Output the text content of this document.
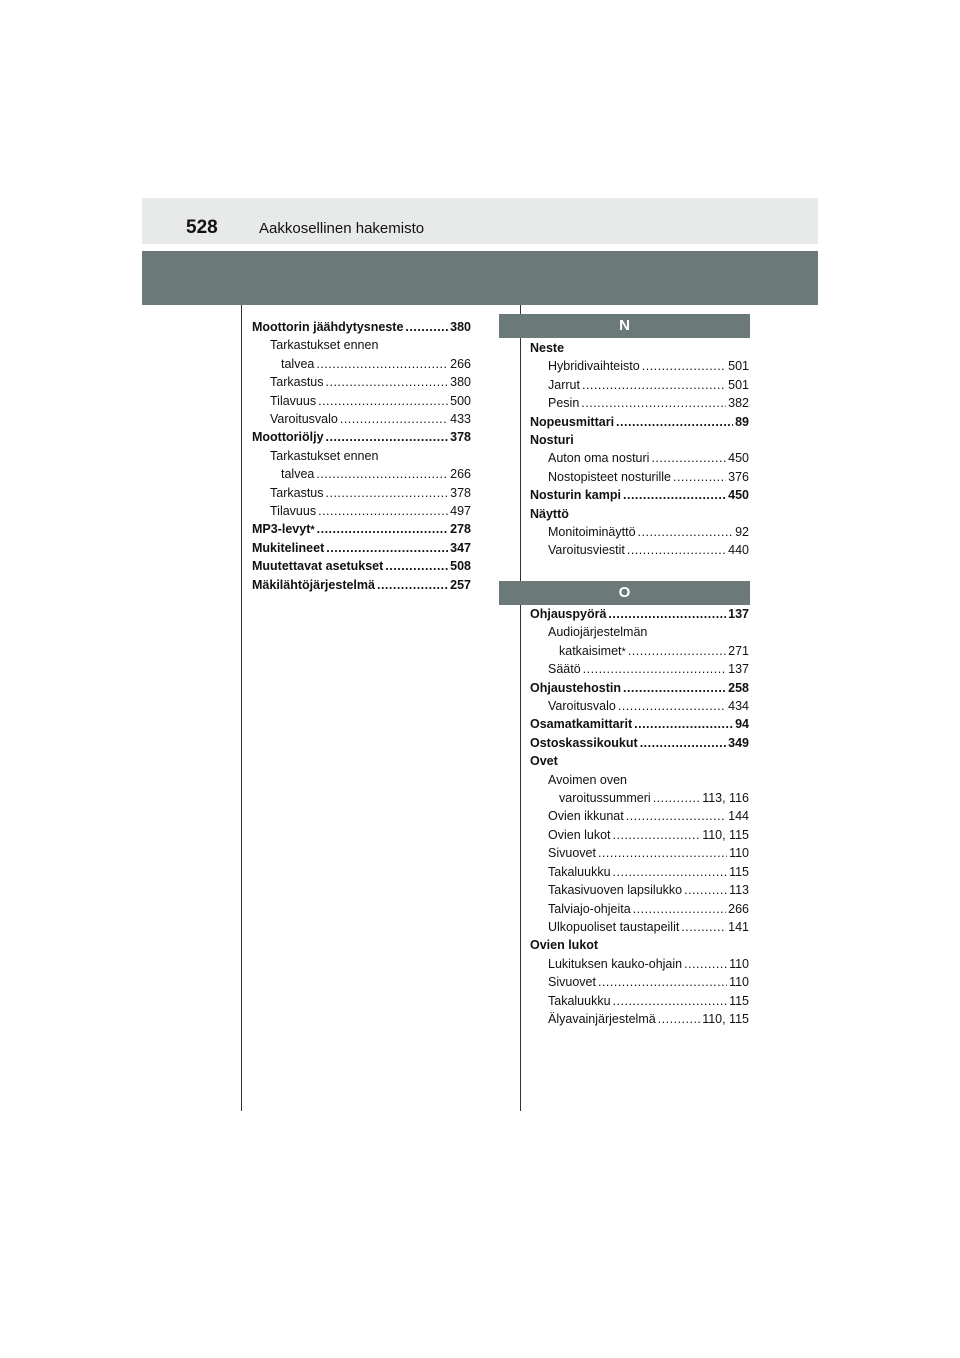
528	Aakkosellinen hakemisto
Moottorin jäähdytysneste .....	380
Tarkastukset ennen
talvea .....	266
Tarkastus .....	380
Tilavuus .....	500
Varoitusvalo .....	433
Moottoriöljy .....	378
Tarkastukset ennen
talvea .....	266
Tarkastus .....	378
Tilavuus .....	497
MP3-levyt * .....	278
Mukitelineet .....	347
Muutettavat asetukset .....	508
Mäkilähtöjärjestelmä .....	257
N
Neste
Hybridivaihteisto .....	501
Jarrut .....	501
Pesin .....	382
Nopeusmittari .....	89
Nosturi
Auton oma nosturi .....	450
Nostopisteet nosturille .....	376
Nosturin kampi .....	450
Näyttö
Monitoiminäyttö .....	92
Varoitusviestit .....	440
O
Ohjauspyörä .....	137
Audiojärjestelmän
katkaisimet * .....	271
Säätö .....	137
Ohjaustehostin .....	258
Varoitusvalo .....	434
Osamatkamittarit .....	94
Ostoskassikoukut .....	349
Ovet
Avoimen oven
varoitussummeri .....	113, 116
Ovien ikkunat .....	144
Ovien lukot .....	110, 115
Sivuovet .....	110
Takaluukku .....	115
Takasivuoven lapsilukko .....	113
Talviajo-ohjeita .....	266
Ulkopuoliset taustapeilit .....	141
Ovien lukot
Lukituksen kauko-ohjain .....	110
Sivuovet .....	110
Takaluukku .....	115
Älyavainjärjestelmä .....	110, 115
